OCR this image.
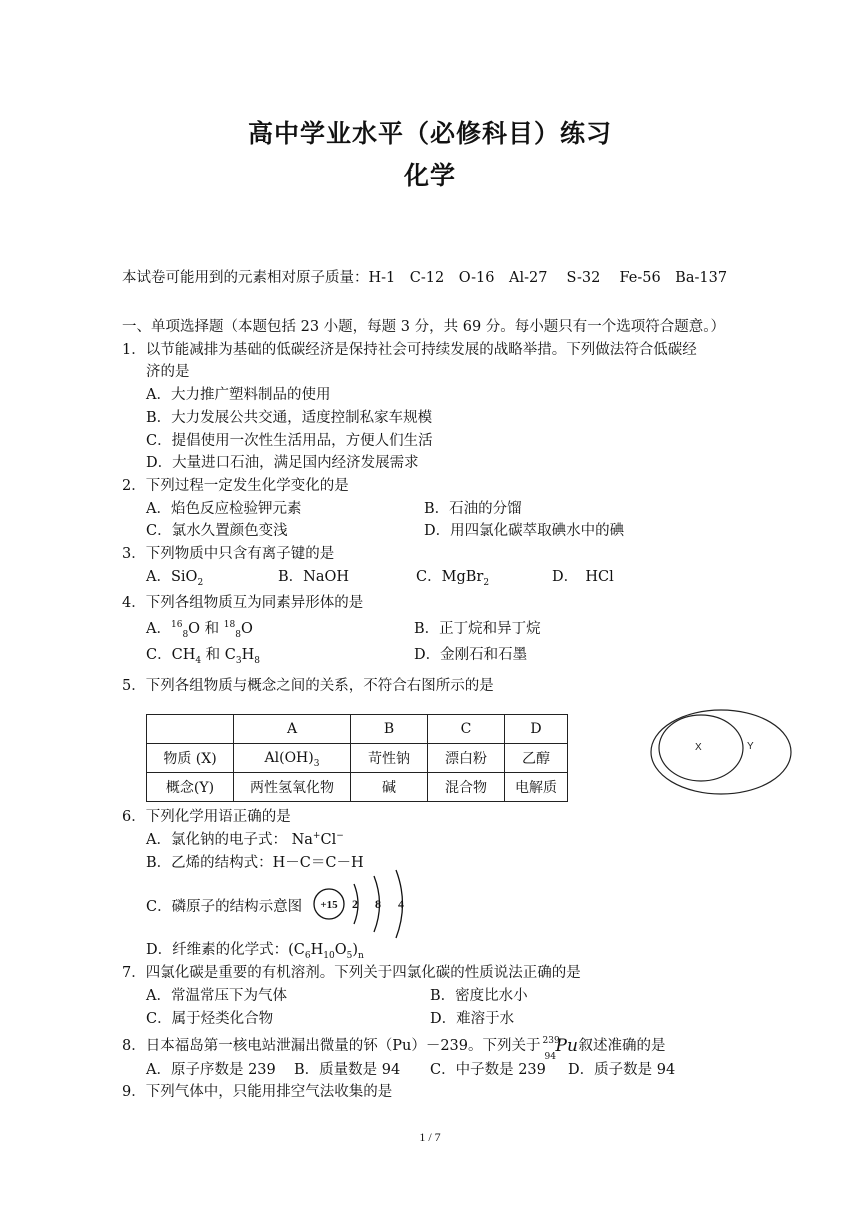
高中学业水平（必修科目）练习
化学
本试卷可能用到的元素相对原子质量：H-1　C-12　O-16　Al-27　 S-32　 Fe-56　Ba-137
一、单项选择题（本题包括 23 小题，每题 3 分，共 69 分。每小题只有一个选项符合题意。）
1．以节能减排为基础的低碳经济是保持社会可持续发展的战略举措。下列做法符合低碳经
济的是
A．大力推广塑料制品的使用
B．大力发展公共交通，适度控制私家车规模
C．提倡使用一次性生活用品，方便人们生活
D．大量进口石油，满足国内经济发展需求
2．下列过程一定发生化学变化的是
A．焰色反应检验钾元素	B．石油的分馏
C．氯水久置颜色变浅	D．用四氯化碳萃取碘水中的碘
3．下列物质中只含有离子键的是
A．SiO$_2$	B．NaOH	C．MgBr$_2$	D．　HCl
4．下列各组物质互为同素异形体的是
A．$^{16}_8$O 和 $^{18}_8$O	B．正丁烷和异丁烷
C．$CH_4$ 和 $C_3H_8$	D．金刚石和石墨
5．下列各组物质与概念之间的关系，不符合右图所示的是
	A	B	C	D
物质 (X)	$Al(OH)_3$	苛性钠	漂白粉	乙醇
概念(Y)	两性氢氧化物	碱	混合物	电解质
X	Y
6．下列化学用语正确的是
A．氯化钠的电子式： Na+Cl−
B．乙烯的结构式：H－C＝C－H
C．磷原子的结构示意图 +15 2 8 4
D．纤维素的化学式：$(C_6H_{10}O_5)_n$
7．四氯化碳是重要的有机溶剂。下列关于四氯化碳的性质说法正确的是
A．常温常压下为气体	B．密度比水小
C．属于烃类化合物	D．难溶于水
8．日本福岛第一核电站泄漏出微量的钚（Pu）－239。下列关于 239
94
Pu 叙述准确的是
A．原子序数是 239 B．质量数是 94 C．中子数是 239 D．质子数是 94
9．下列气体中，只能用排空气法收集的是
1 / 7
